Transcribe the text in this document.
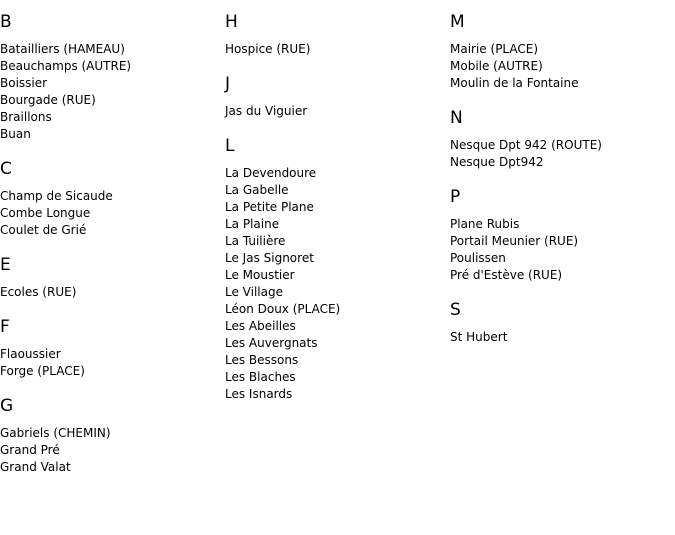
B
Batailliers (HAMEAU)
Beauchamps (AUTRE)
Boissier
Bourgade (RUE)
Braillons
Buan
C
Champ de Sicaude
Combe Longue
Coulet de Grié
E
Ecoles (RUE)
F
Flaoussier
Forge (PLACE)
G
Gabriels (CHEMIN)
Grand Pré
Grand Valat
H
Hospice (RUE)
J
Jas du Viguier
L
La Devendoure
La Gabelle
La Petite Plane
La Plaine
La Tuilière
Le Jas Signoret
Le Moustier
Le Village
Léon Doux (PLACE)
Les Abeilles
Les Auvergnats
Les Bessons
Les Blaches
Les Isnards
M
Mairie (PLACE)
Mobile (AUTRE)
Moulin de la Fontaine
N
Nesque Dpt 942 (ROUTE)
Nesque Dpt942
P
Plane Rubis
Portail Meunier (RUE)
Poulissen
Pré d'Estève (RUE)
S
St Hubert
